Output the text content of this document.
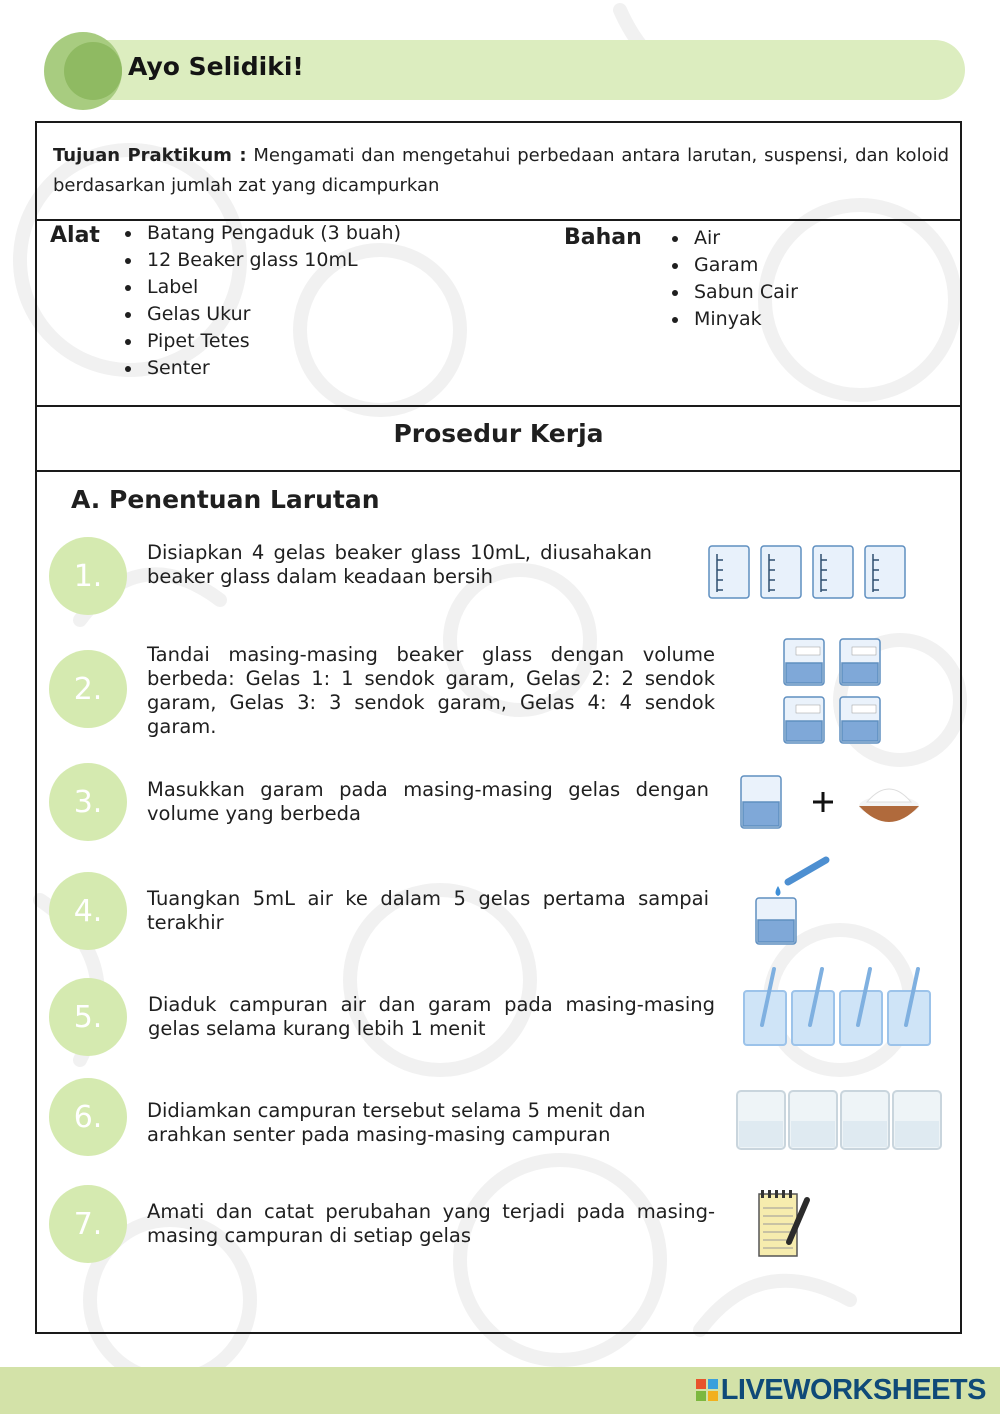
Ayo Selidiki!
Tujuan Praktikum : Mengamati dan mengetahui perbedaan antara larutan, suspensi, dan koloid berdasarkan jumlah zat yang dicampurkan
Alat • Batang Pengaduk (3 buah)
• 12 Beaker glass 10mL
• Label
• Gelas Ukur
• Pipet Tetes
• Senter
Bahan	• Air
• Garam
• Sabun Cair
• Minyak
Prosedur Kerja
A. Penentuan Larutan
1.
Disiapkan 4 gelas beaker glass 10mL, diusahakan beaker glass dalam keadaan bersih
2.
Tandai masing-masing beaker glass dengan volume berbeda: Gelas 1: 1 sendok garam, Gelas 2: 2 sendok garam, Gelas 3: 3 sendok garam, Gelas 4: 4 sendok garam.
3.	Masukkan garam pada masing-masing gelas dengan volume yang berbeda
4.	Tuangkan 5mL air ke dalam 5 gelas pertama sampai terakhir
5.	Diaduk campuran air dan garam pada masing-masing gelas selama kurang lebih 1 menit
6.	Didiamkan campuran tersebut selama 5 menit dan arahkan senter pada masing-masing campuran
7.	Amati dan catat perubahan yang terjadi pada masing-masing campuran di setiap gelas
LIVEWORKSHEETS
